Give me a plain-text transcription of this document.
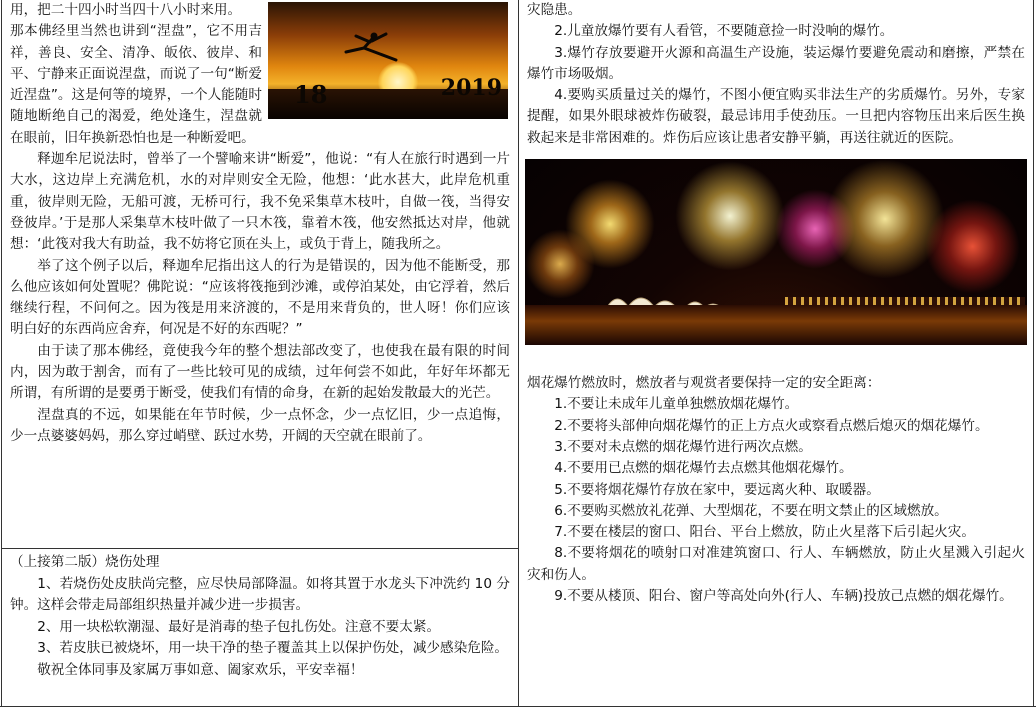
18	2019

用，把二十四小时当四十八小时来用。

那本佛经里当然也讲到“涅盘”，它不用吉祥，善良、安全、清净、皈依、彼岸、和平、宁静来正面说涅盘，而说了一句“断爱近涅盘”。这是何等的境界，一个人能随时随地断绝自己的渴爱，绝处逢生，涅盘就在眼前，旧年换新恐怕也是一种断爱吧。

释迦牟尼说法时，曾举了一个譬喻来讲“断爱”，他说：“有人在旅行时遇到一片大水，这边岸上充满危机，水的对岸则安全无险，他想：‘此水甚大，此岸危机重重，彼岸则无险，无船可渡，无桥可行，我不免采集草木枝叶，自做一筏，当得安登彼岸。’于是那人采集草木枝叶做了一只木筏，靠着木筏，他安然抵达对岸，他就想：‘此筏对我大有助益，我不妨将它顶在头上，或负于背上，随我所之。

举了这个例子以后，释迦牟尼指出这人的行为是错误的，因为他不能断受，那么他应该如何处置呢？佛陀说：“应该将筏拖到沙滩，或停泊某处，由它浮着，然后继续行程，不问何之。因为筏是用来济渡的，不是用来背负的，世人呀！你们应该明白好的东西尚应舍弃，何况是不好的东西呢？”

由于读了那本佛经，竟使我今年的整个想法部改变了，也使我在最有限的时间内，因为敢于割舍，而有了一些比较可见的成绩，过年何尝不如此，年好年坏都无所谓，有所谓的是要勇于断受，使我们有情的命身，在新的起始发散最大的光芒。

涅盘真的不远，如果能在年节时候，少一点怀念，少一点忆旧，少一点追悔，少一点婆婆妈妈，那么穿过峭壁、跃过水势，开阔的天空就在眼前了。

（上接第二版）烧伤处理

1、若烧伤处皮肤尚完整，应尽快局部降温。如将其置于水龙头下冲洗约 10 分钟。这样会带走局部组织热量并减少进一步损害。

2、用一块松软潮湿、最好是消毒的垫子包扎伤处。注意不要太紧。

3、若皮肤已被烧坏，用一块干净的垫子覆盖其上以保护伤处，减少感染危险。

敬祝全体同事及家属万事如意、阖家欢乐，平安幸福！

灾隐患。

2.儿童放爆竹要有人看管，不要随意捡一时没响的爆竹。

3.爆竹存放要避开火源和高温生产设施，装运爆竹要避免震动和磨擦，严禁在爆竹市场吸烟。

4.要购买质量过关的爆竹，不图小便宜购买非法生产的劣质爆竹。另外，专家提醒，如果外眼球被炸伤破裂，最忌讳用手使劲压。一旦把内容物压出来后医生换救起来是非常困难的。炸伤后应该让患者安静平躺，再送往就近的医院。

烟花爆竹燃放时，燃放者与观赏者要保持一定的安全距离：

1.不要让未成年儿童单独燃放烟花爆竹。

2.不要将头部伸向烟花爆竹的正上方点火或察看点燃后熄灭的烟花爆竹。

3.不要对未点燃的烟花爆竹进行两次点燃。

4.不要用已点燃的烟花爆竹去点燃其他烟花爆竹。

5.不要将烟花爆竹存放在家中，要远离火种、取暖器。

6.不要购买燃放礼花弹、大型烟花，不要在明文禁止的区域燃放。

7.不要在楼层的窗口、阳台、平台上燃放，防止火星落下后引起火灾。

8.不要将烟花的喷射口对准建筑窗口、行人、车辆燃放，防止火星溅入引起火灾和伤人。

9.不要从楼顶、阳台、窗户等高处向外(行人、车辆)投放己点燃的烟花爆竹。
